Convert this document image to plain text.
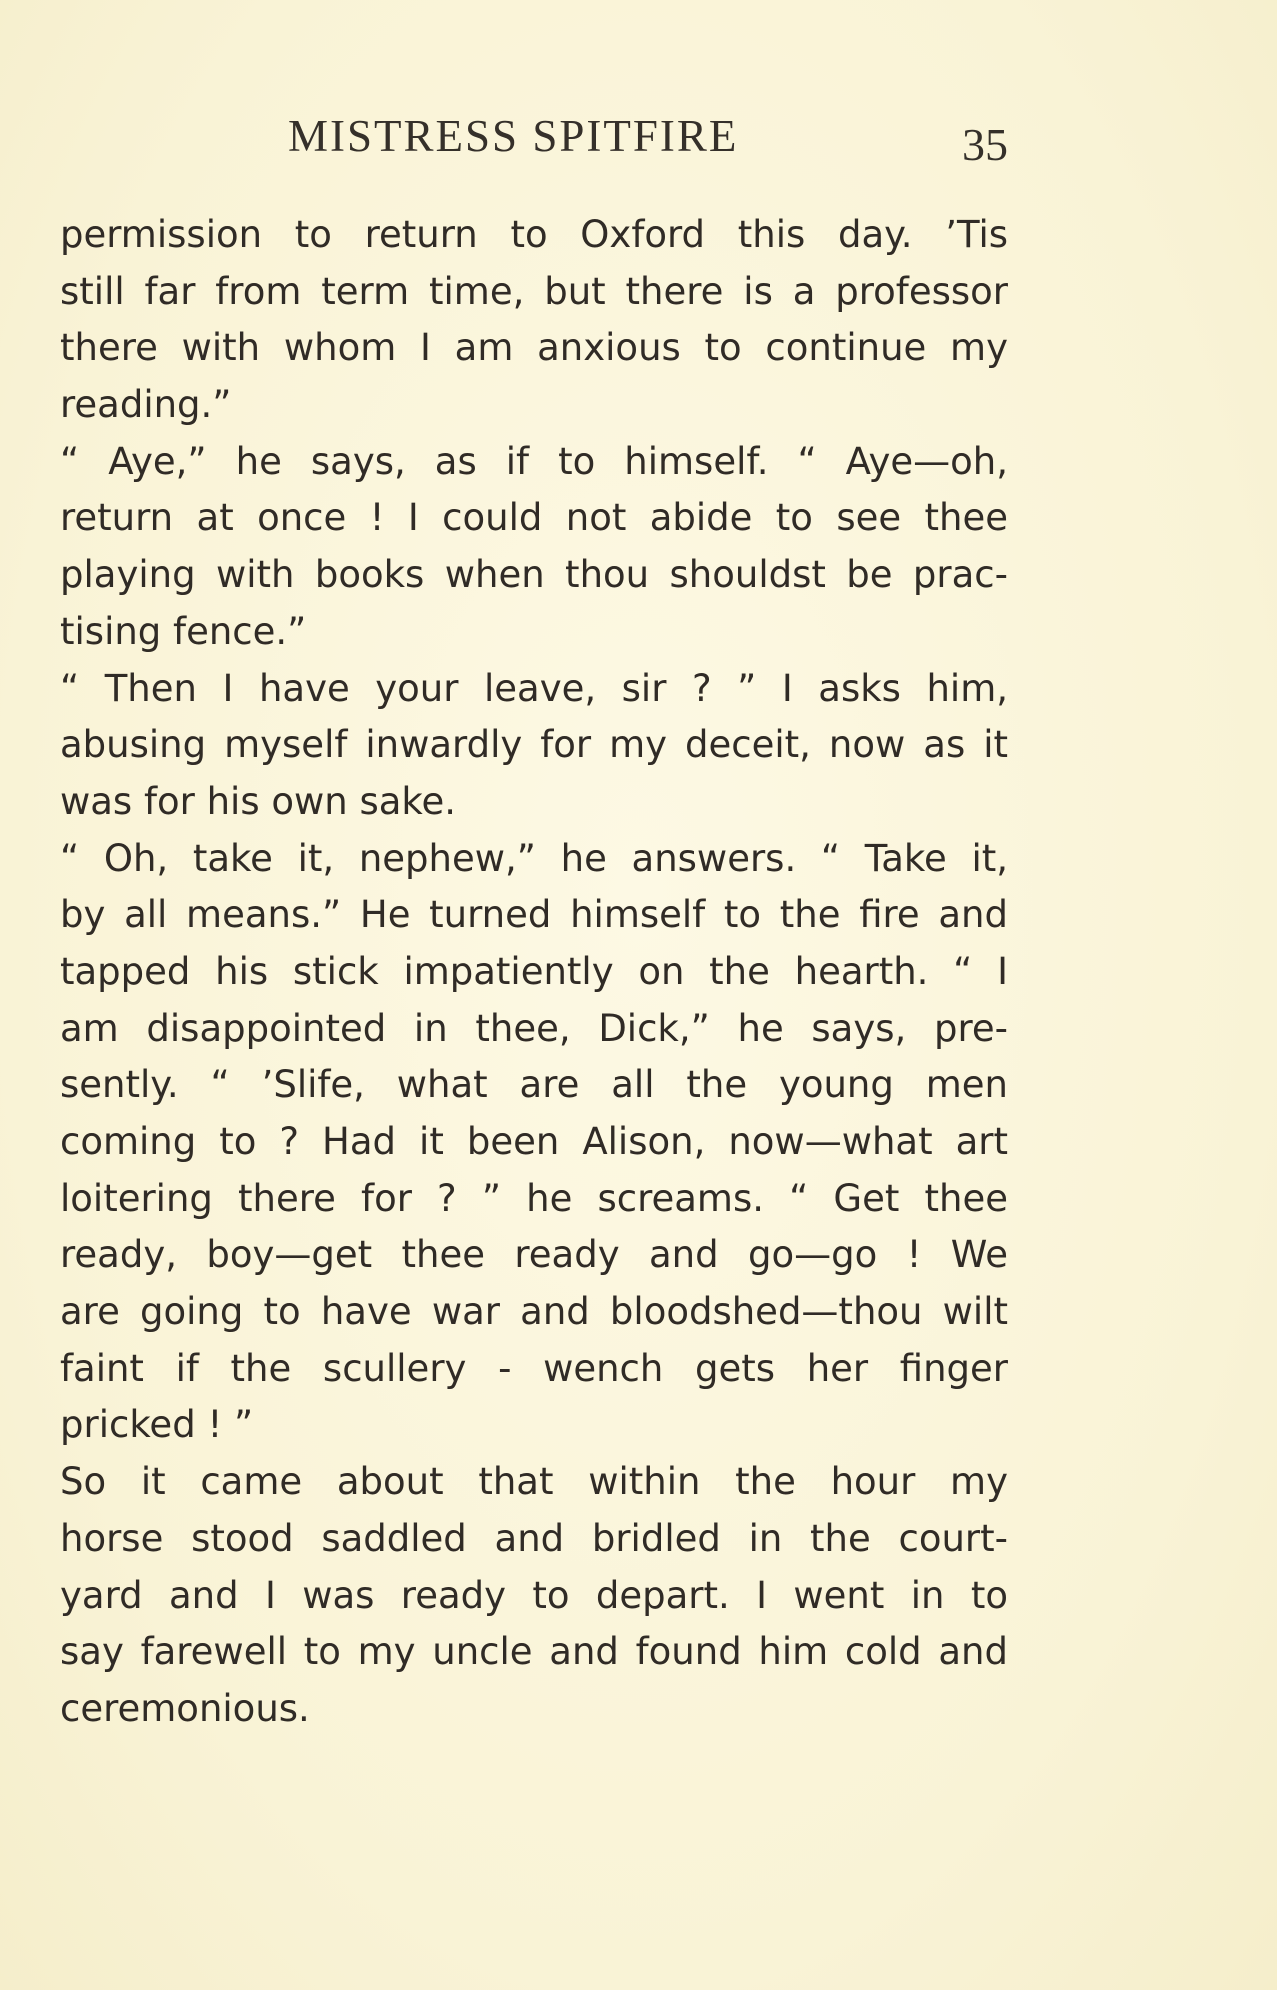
MISTRESS SPITFIRE	35
permission to return to Oxford this day. ’Tis
still far from term time, but there is a professor
there with whom I am anxious to continue my
reading.”
“ Aye,” he says, as if to himself. “ Aye—oh,
return at once ! I could not abide to see thee
playing with books when thou shouldst be prac-
tising fence.”
“ Then I have your leave, sir ? ” I asks him,
abusing myself inwardly for my deceit, now as it
was for his own sake.
“ Oh, take it, nephew,” he answers. “ Take it,
by all means.” He turned himself to the fire and
tapped his stick impatiently on the hearth. “ I
am disappointed in thee, Dick,” he says, pre-
sently. “ ’Slife, what are all the young men
coming to ? Had it been Alison, now—what art
loitering there for ? ” he screams. “ Get thee
ready, boy—get thee ready and go—go ! We
are going to have war and bloodshed—thou wilt
faint if the scullery - wench gets her finger
pricked ! ”
So it came about that within the hour my
horse stood saddled and bridled in the court-
yard and I was ready to depart. I went in to
say farewell to my uncle and found him cold and
ceremonious.
